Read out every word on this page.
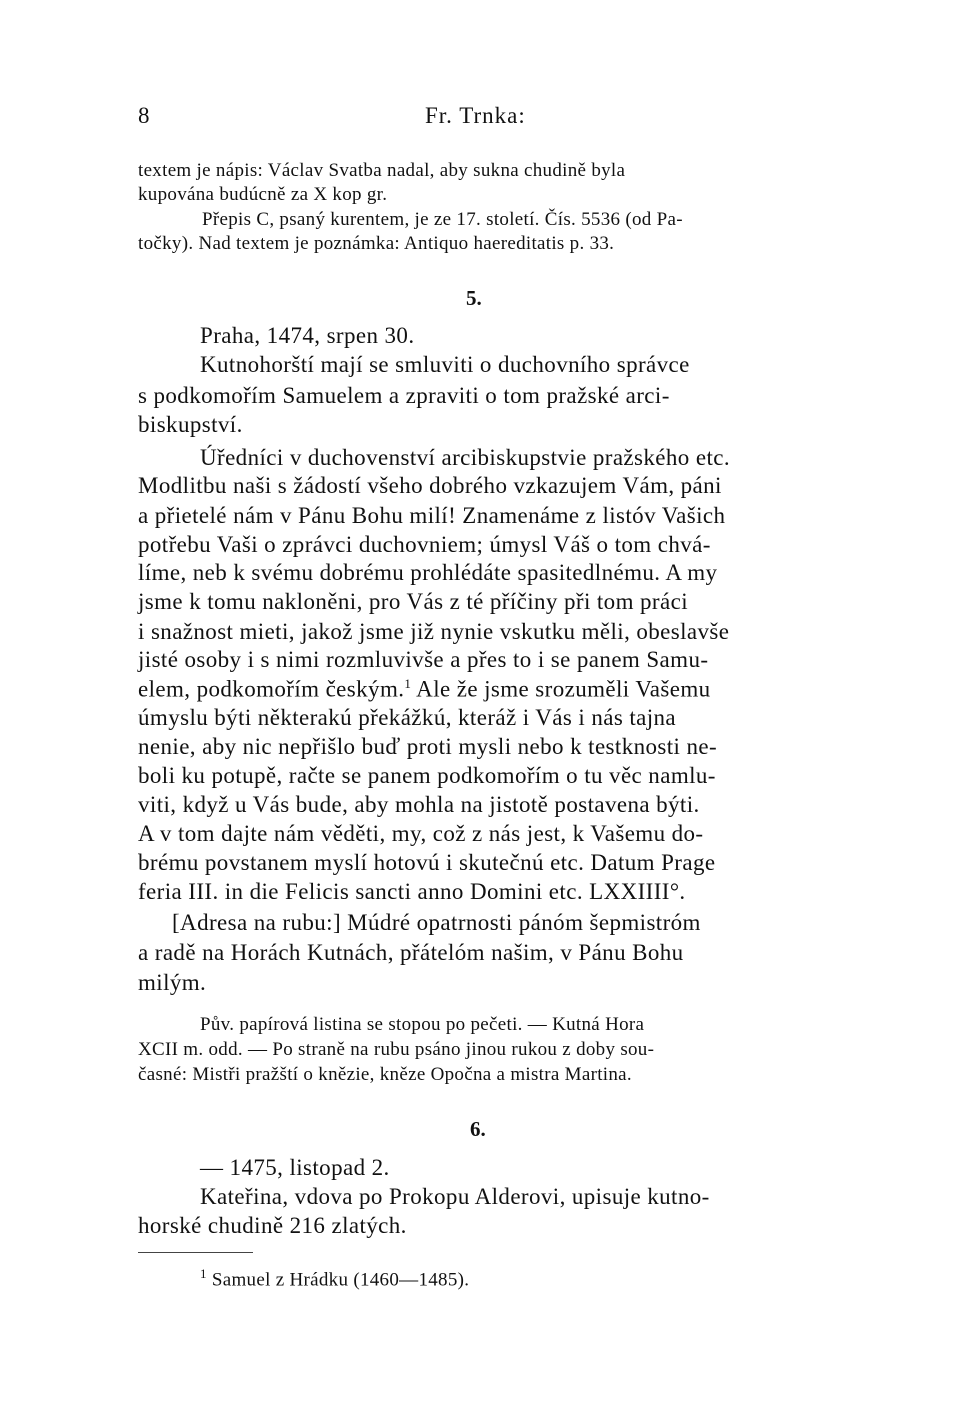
8	Fr. Trnka:
textem je nápis: Václav Svatba nadal, aby sukna chudině byla
kupována budúcně za X kop gr.
Přepis C, psaný kurentem, je ze 17. století. Čís. 5536 (od Pa-
točky). Nad textem je poznámka: Antiquo haereditatis p. 33.
5.
Praha, 1474, srpen 30.
Kutnohorští mají se smluviti o duchovního správce
s podkomořím Samuelem a zpraviti o tom pražské arci-
biskupství.
Úředníci v duchovenství arcibiskupstvie pražského etc.
Modlitbu naši s žádostí všeho dobrého vzkazujem Vám, páni
a přietelé nám v Pánu Bohu milí! Znamenáme z listóv Vašich
potřebu Vaši o zprávci duchovniem; úmysl Váš o tom chvá-
líme, neb k svému dobrému prohlédáte spasitedlnému. A my
jsme k tomu nakloněni, pro Vás z té příčiny při tom práci
i snažnost mieti, jakož jsme již nynie vskutku měli, obeslavše
jisté osoby i s nimi rozmluvivše a přes to i se panem Samu-
elem, podkomořím českým.$^1$ Ale že jsme srozuměli Vašemu
úmyslu býti některakú překážkú, kteráž i Vás i nás tajna
nenie, aby nic nepřišlo buď proti mysli nebo k testknosti ne-
boli ku potupě, račte se panem podkomořím o tu věc namlu-
viti, když u Vás bude, aby mohla na jistotě postavena býti.
A v tom dajte nám věděti, my, což z nás jest, k Vašemu do-
brému povstanem myslí hotovú i skutečnú etc. Datum Prage
feria III. in die Felicis sancti anno Domini etc. LXXIIII°.
[Adresa na rubu:] Múdré opatrnosti pánóm šepmistróm
a radě na Horách Kutnách, přátelóm našim, v Pánu Bohu
milým.
Pův. papírová listina se stopou po pečeti. — Kutná Hora
XCII m. odd. — Po straně na rubu psáno jinou rukou z doby sou-
časné: Mistři pražští o knězie, kněze Opočna a mistra Martina.
6.
— 1475, listopad 2.
Kateřina, vdova po Prokopu Alderovi, upisuje kutno-
horské chudině 216 zlatých.
$^1$ Samuel z Hrádku (1460—1485).
